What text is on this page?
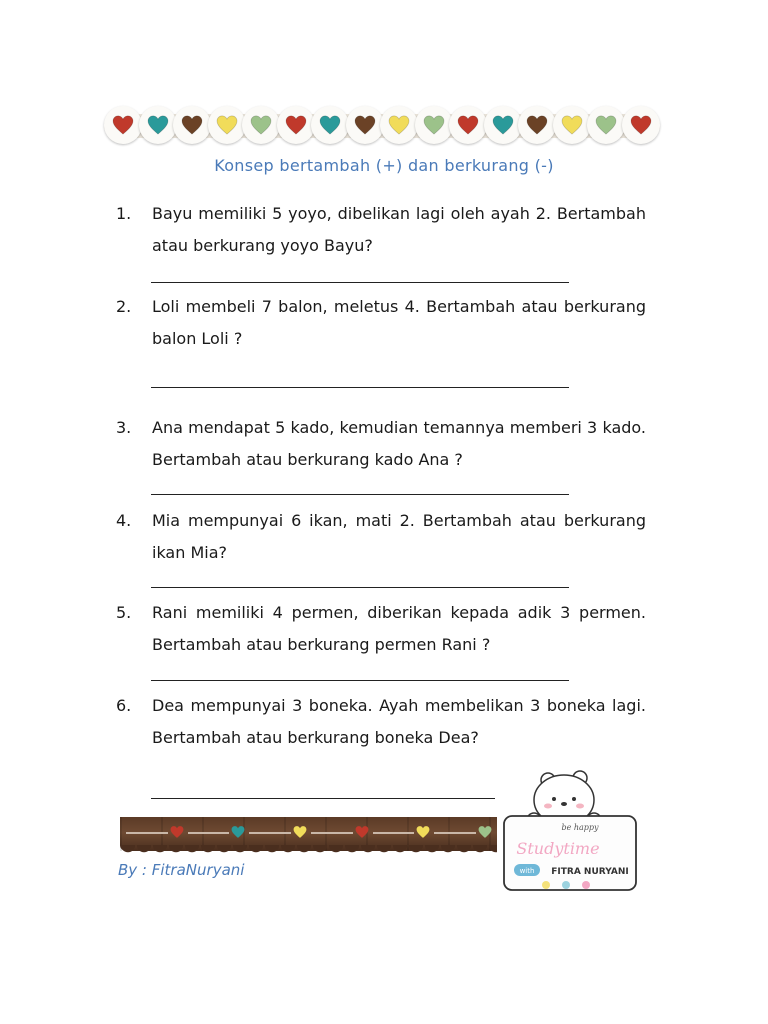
Konsep bertambah (+) dan berkurang (-)
1.	Bayu memiliki 5 yoyo, dibelikan lagi oleh ayah 2. Bertambah atau berkurang yoyo Bayu?
2.	Loli membeli 7 balon, meletus 4. Bertambah atau berkurang balon Loli ?
3.	Ana mendapat 5 kado, kemudian temannya memberi 3 kado. Bertambah atau berkurang kado Ana ?
4.	Mia mempunyai 6 ikan, mati 2. Bertambah atau berkurang ikan Mia?
5.	Rani memiliki 4 permen, diberikan kepada adik 3 permen. Bertambah atau berkurang permen Rani ?
6.	Dea mempunyai 3 boneka. Ayah membelikan 3 boneka lagi. Bertambah atau berkurang boneka Dea?
By : FitraNuryani
be happy
Studytime
with FITRA NURYANI
